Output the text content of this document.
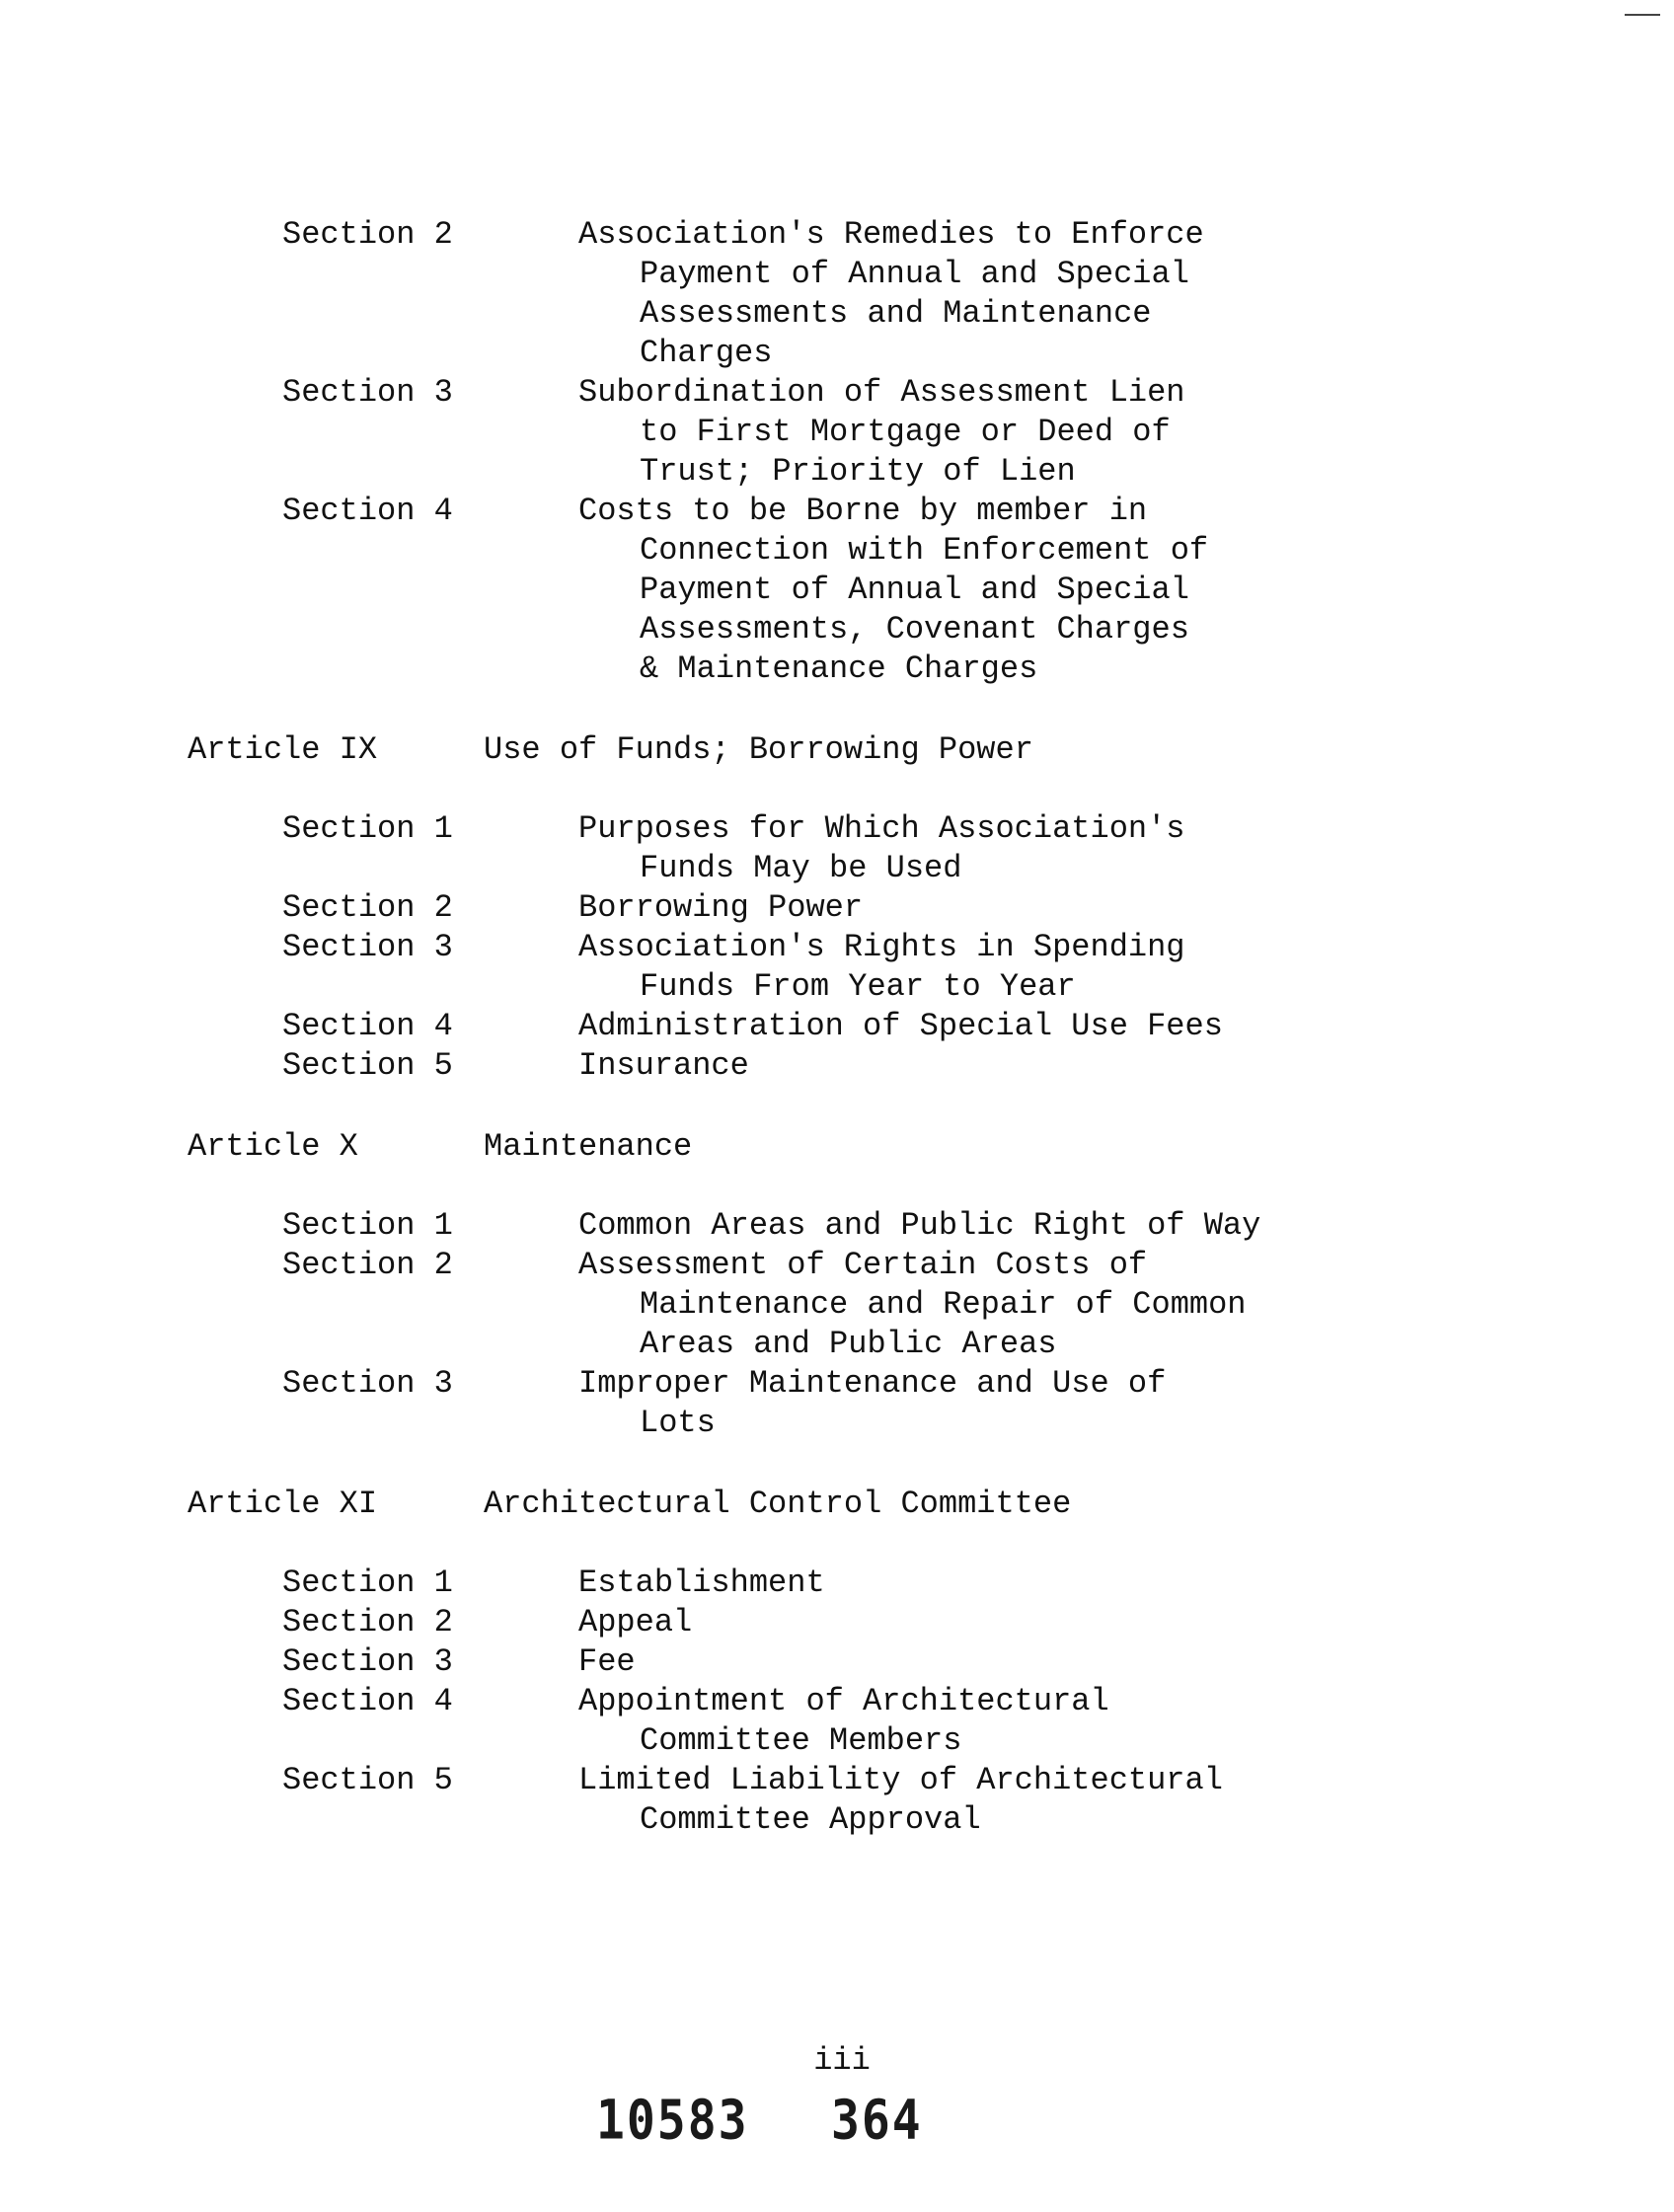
Section 2	Association's Remedies to Enforce
Payment of Annual and Special
Assessments and Maintenance
Charges
Section 3	Subordination of Assessment Lien
to First Mortgage or Deed of
Trust; Priority of Lien
Section 4	Costs to be Borne by member in
Connection with Enforcement of
Payment of Annual and Special
Assessments, Covenant Charges
& Maintenance Charges
Article IX	Use of Funds; Borrowing Power
Section 1	Purposes for Which Association's
Funds May be Used
Section 2	Borrowing Power
Section 3	Association's Rights in Spending
Funds From Year to Year
Section 4	Administration of Special Use Fees
Section 5	Insurance
Article X	Maintenance
Section 1	Common Areas and Public Right of Way
Section 2	Assessment of Certain Costs of
Maintenance and Repair of Common
Areas and Public Areas
Section 3	Improper Maintenance and Use of
Lots
Article XI	Architectural Control Committee
Section 1	Establishment
Section 2	Appeal
Section 3	Fee
Section 4	Appointment of Architectural
Committee Members
Section 5	Limited Liability of Architectural
Committee Approval
iii
10583 364
